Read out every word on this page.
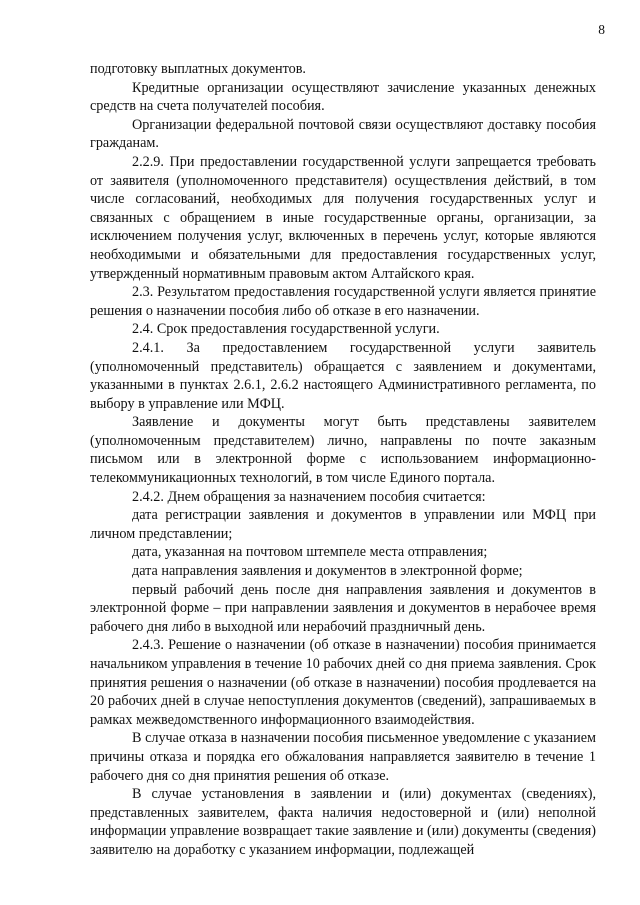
8

подготовку выплатных документов.

Кредитные организации осуществляют зачисление указанных денежных средств на счета получателей пособия.

Организации федеральной почтовой связи осуществляют доставку пособия гражданам.

2.2.9. При предоставлении государственной услуги запрещается требовать от заявителя (уполномоченного представителя) осуществления действий, в том числе согласований, необходимых для получения государственных услуг и связанных с обращением в иные государственные органы, организации, за исключением получения услуг, включенных в перечень услуг, которые являются необходимыми и обязательными для предоставления государственных услуг, утвержденный нормативным правовым актом Алтайского края.

2.3. Результатом предоставления государственной услуги является принятие решения о назначении пособия либо об отказе в его назначении.

2.4. Срок предоставления государственной услуги.

2.4.1. За предоставлением государственной услуги заявитель (уполномоченный представитель) обращается с заявлением и документами, указанными в пунктах 2.6.1, 2.6.2 настоящего Административного регламента, по выбору в управление или МФЦ.

Заявление и документы могут быть представлены заявителем (уполномоченным представителем) лично, направлены по почте заказным письмом или в электронной форме с использованием информационно-телекоммуникационных технологий, в том числе Единого портала.

2.4.2. Днем обращения за назначением пособия считается:

дата регистрации заявления и документов в управлении или МФЦ при личном представлении;

дата, указанная на почтовом штемпеле места отправления;

дата направления заявления и документов в электронной форме;

первый рабочий день после дня направления заявления и документов в электронной форме – при направлении заявления и документов в нерабочее время рабочего дня либо в выходной или нерабочий праздничный день.

2.4.3. Решение о назначении (об отказе в назначении) пособия принимается начальником управления в течение 10 рабочих дней со дня приема заявления. Срок принятия решения о назначении (об отказе в назначении) пособия продлевается на 20 рабочих дней в случае непоступления документов (сведений), запрашиваемых в рамках межведомственного информационного взаимодействия.

В случае отказа в назначении пособия письменное уведомление с указанием причины отказа и порядка его обжалования направляется заявителю в течение 1 рабочего дня со дня принятия решения об отказе.

В случае установления в заявлении и (или) документах (сведениях), представленных заявителем, факта наличия недостоверной и (или) неполной информации управление возвращает такие заявление и (или) документы (сведения) заявителю на доработку с указанием информации, подлежащей
